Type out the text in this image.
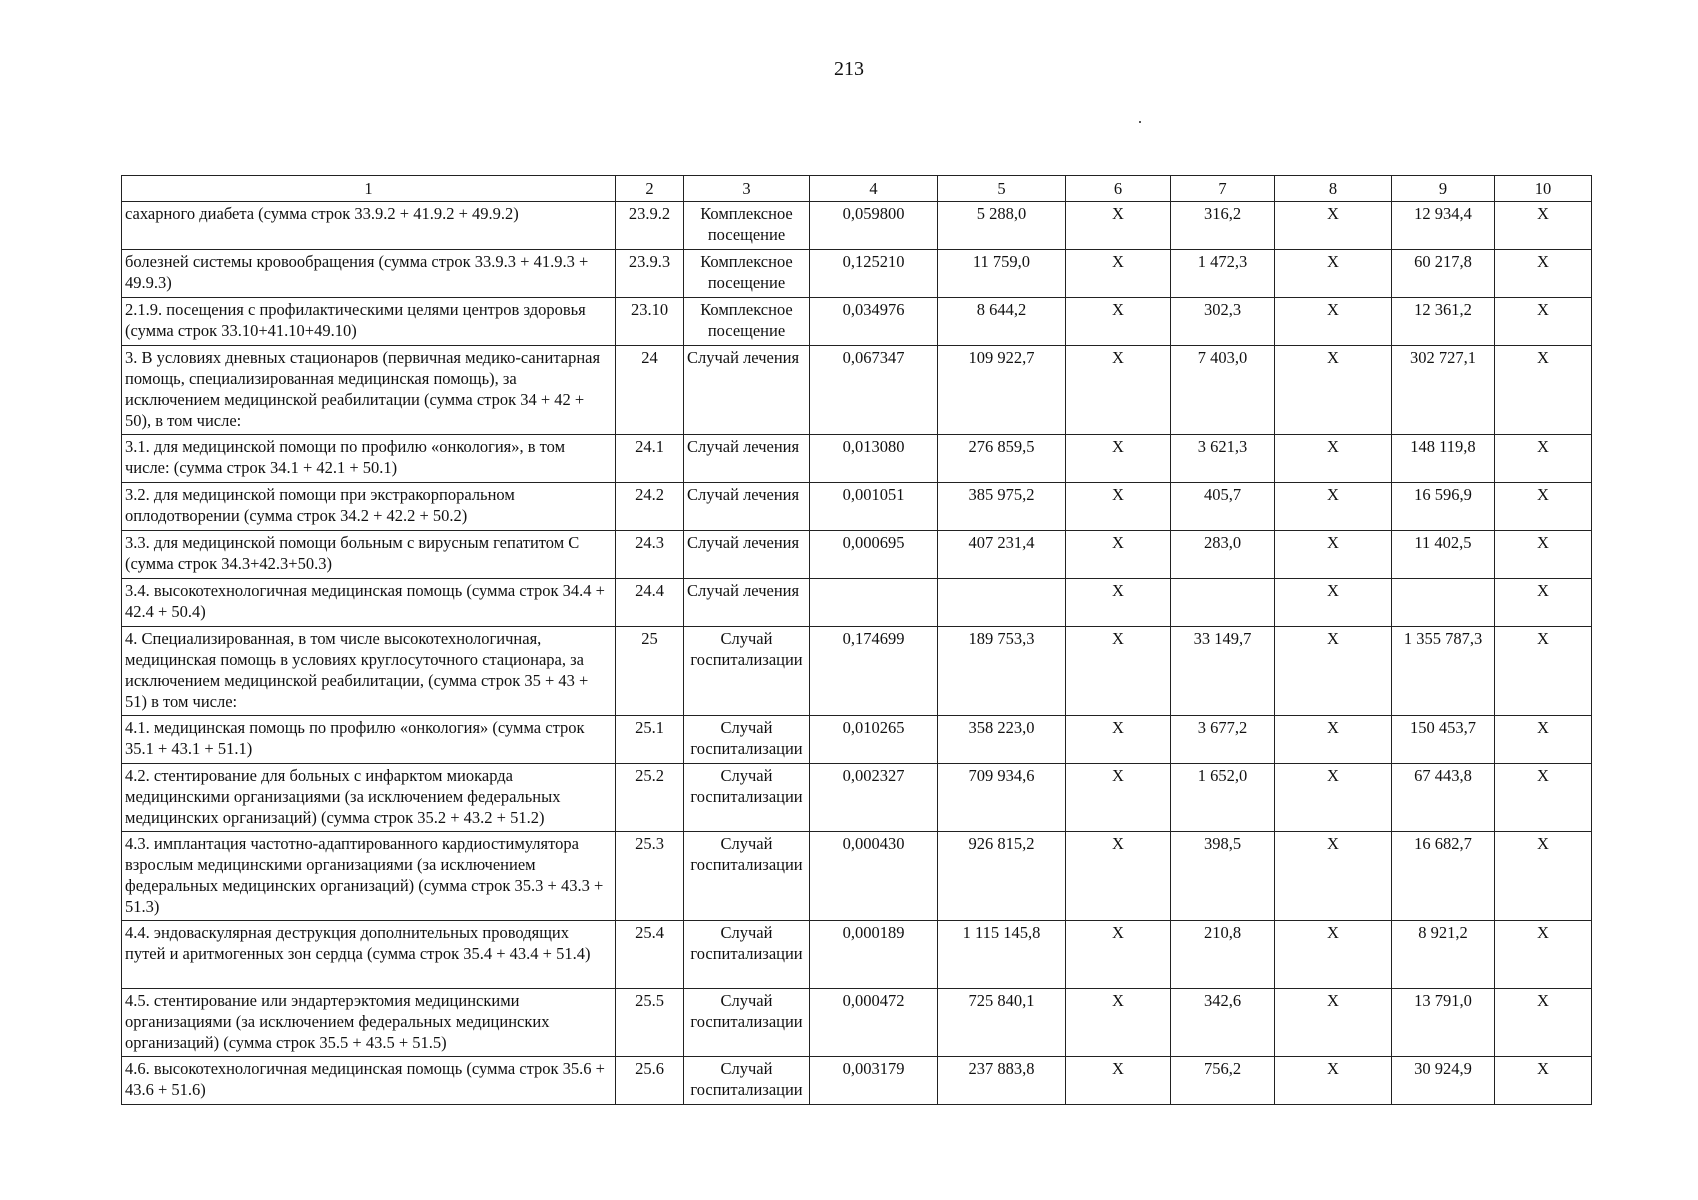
213
1	2	3	4	5	6	7	8	9	10
сахарного диабета (сумма строк 33.9.2 + 41.9.2 + 49.9.2)	23.9.2	Комплексное посещение	0,059800	5 288,0	X	316,2	X	12 934,4	X
болезней системы кровообращения (сумма строк 33.9.3 + 41.9.3 + 49.9.3)	23.9.3	Комплексное посещение	0,125210	11 759,0	X	1 472,3	X	60 217,8	X
2.1.9. посещения с профилактическими целями центров здоровья (сумма строк 33.10+41.10+49.10)	23.10	Комплексное посещение	0,034976	8 644,2	X	302,3	X	12 361,2	X
3. В условиях дневных стационаров (первичная медико-санитарная помощь, специализированная медицинская помощь), за исключением медицинской реабилитации (сумма строк 34 + 42 + 50), в том числе:	24	Случай лечения	0,067347	109 922,7	X	7 403,0	X	302 727,1	X
3.1. для медицинской помощи по профилю «онкология», в том числе: (сумма строк 34.1 + 42.1 + 50.1)	24.1	Случай лечения	0,013080	276 859,5	X	3 621,3	X	148 119,8	X
3.2. для медицинской помощи при экстракорпоральном оплодотворении (сумма строк 34.2 + 42.2 + 50.2)	24.2	Случай лечения	0,001051	385 975,2	X	405,7	X	16 596,9	X
3.3. для медицинской помощи больным с вирусным гепатитом С (сумма строк 34.3+42.3+50.3)	24.3	Случай лечения	0,000695	407 231,4	X	283,0	X	11 402,5	X
3.4. высокотехнологичная медицинская помощь (сумма строк 34.4 + 42.4 + 50.4)	24.4	Случай лечения			X		X		X
4. Специализированная, в том числе высокотехнологичная, медицинская помощь в условиях круглосуточного стационара, за исключением медицинской реабилитации, (сумма строк 35 + 43 + 51) в том числе:	25	Случай госпитализации	0,174699	189 753,3	X	33 149,7	X	1 355 787,3	X
4.1. медицинская помощь по профилю «онкология» (сумма строк 35.1 + 43.1 + 51.1)	25.1	Случай госпитализации	0,010265	358 223,0	X	3 677,2	X	150 453,7	X
4.2. стентирование для больных с инфарктом миокарда медицинскими организациями (за исключением федеральных медицинских организаций) (сумма строк 35.2 + 43.2 + 51.2)	25.2	Случай госпитализации	0,002327	709 934,6	X	1 652,0	X	67 443,8	X
4.3. имплантация частотно-адаптированного кардиостимулятора взрослым медицинскими организациями (за исключением федеральных медицинских организаций) (сумма строк 35.3 + 43.3 + 51.3)	25.3	Случай госпитализации	0,000430	926 815,2	X	398,5	X	16 682,7	X
4.4. эндоваскулярная деструкция дополнительных проводящих путей и аритмогенных зон сердца (сумма строк 35.4 + 43.4 + 51.4)	25.4	Случай госпитализации	0,000189	1 115 145,8	X	210,8	X	8 921,2	X
4.5. стентирование или эндартерэктомия медицинскими организациями (за исключением федеральных медицинских организаций) (сумма строк 35.5 + 43.5 + 51.5)	25.5	Случай госпитализации	0,000472	725 840,1	X	342,6	X	13 791,0	X
4.6. высокотехнологичная медицинская помощь (сумма строк 35.6 + 43.6 + 51.6)	25.6	Случай госпитализации	0,003179	237 883,8	X	756,2	X	30 924,9	X
